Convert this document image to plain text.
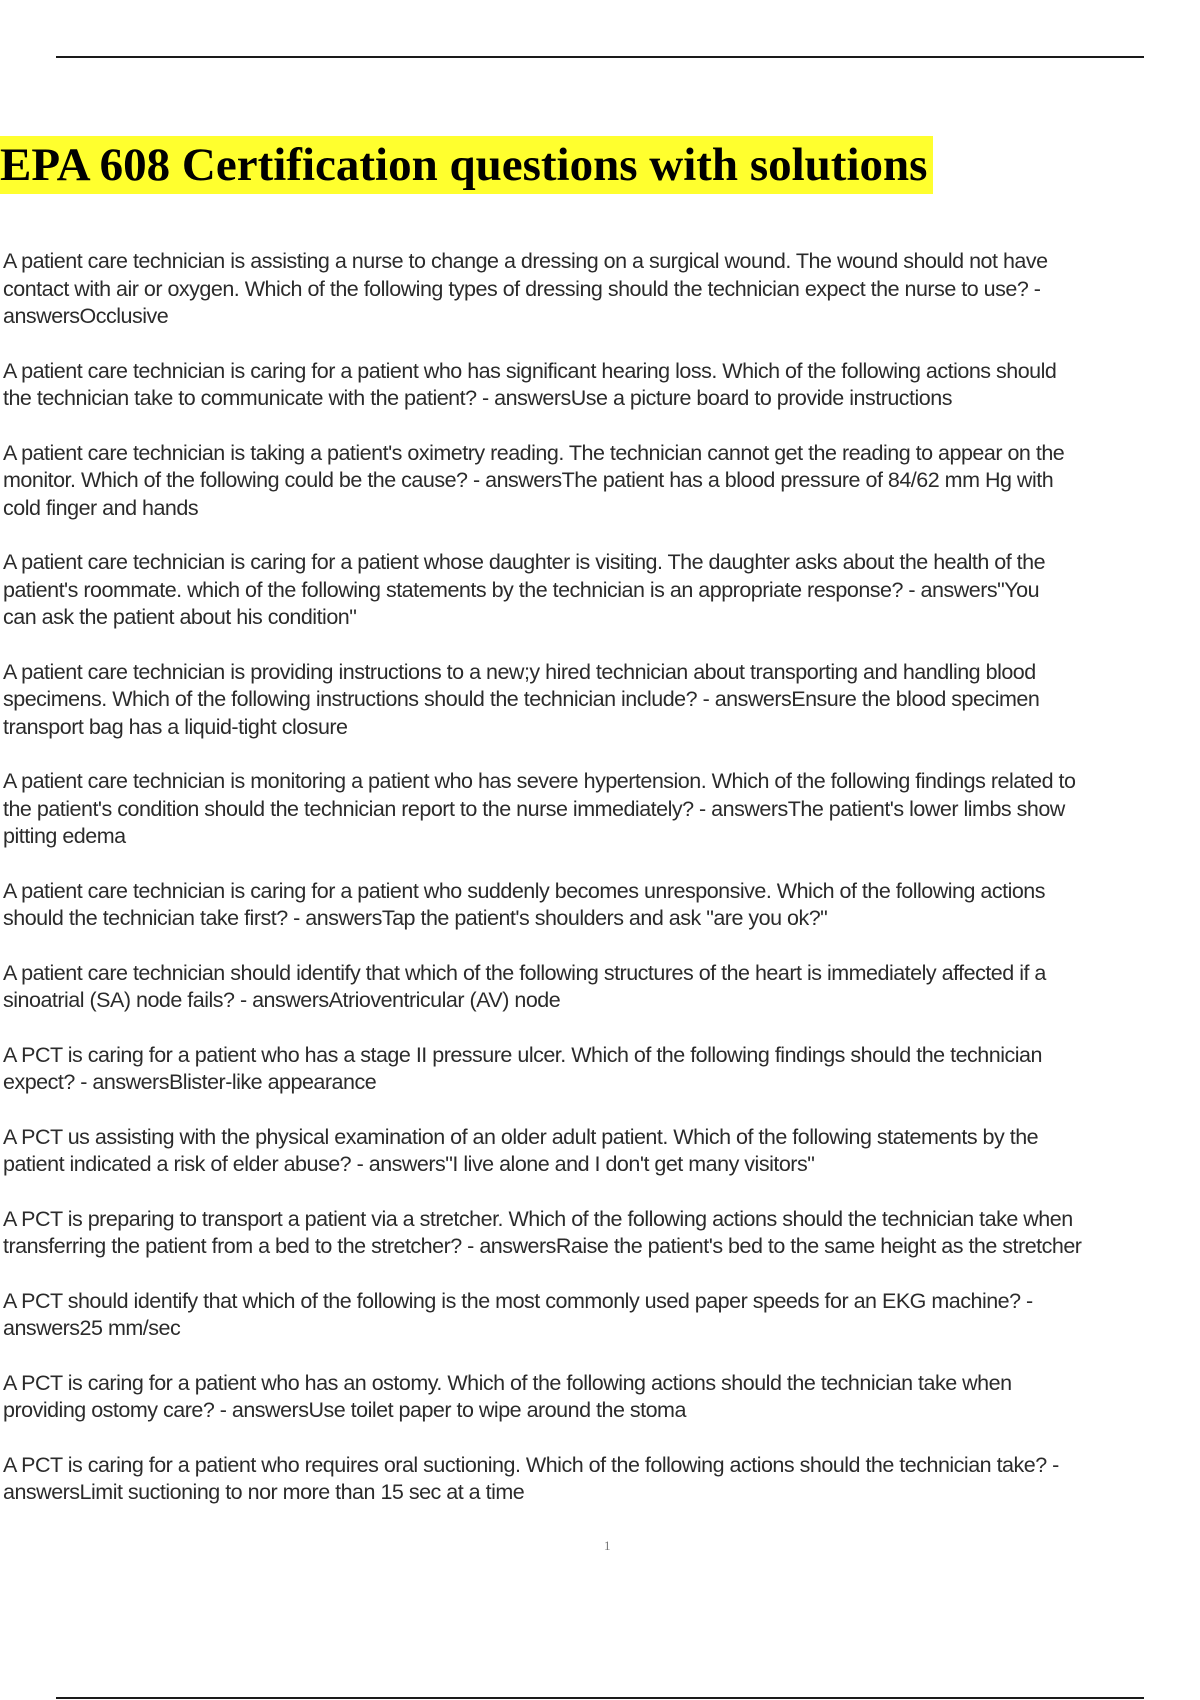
EPA 608 Certification questions with solutions
A patient care technician is assisting a nurse to change a dressing on a surgical wound. The wound should not have
contact with air or oxygen. Which of the following types of dressing should the technician expect the nurse to use? -
answersOcclusive
A patient care technician is caring for a patient who has significant hearing loss. Which of the following actions should
the technician take to communicate with the patient? - answersUse a picture board to provide instructions
A patient care technician is taking a patient's oximetry reading. The technician cannot get the reading to appear on the
monitor. Which of the following could be the cause? - answersThe patient has a blood pressure of 84/62 mm Hg with
cold finger and hands
A patient care technician is caring for a patient whose daughter is visiting. The daughter asks about the health of the
patient's roommate. which of the following statements by the technician is an appropriate response? - answers"You
can ask the patient about his condition"
A patient care technician is providing instructions to a new;y hired technician about transporting and handling blood
specimens. Which of the following instructions should the technician include? - answersEnsure the blood specimen
transport bag has a liquid-tight closure
A patient care technician is monitoring a patient who has severe hypertension. Which of the following findings related to
the patient's condition should the technician report to the nurse immediately? - answersThe patient's lower limbs show
pitting edema
A patient care technician is caring for a patient who suddenly becomes unresponsive. Which of the following actions
should the technician take first? - answersTap the patient's shoulders and ask "are you ok?"
A patient care technician should identify that which of the following structures of the heart is immediately affected if a
sinoatrial (SA) node fails? - answersAtrioventricular (AV) node
A PCT is caring for a patient who has a stage II pressure ulcer. Which of the following findings should the technician
expect? - answersBlister-like appearance
A PCT us assisting with the physical examination of an older adult patient. Which of the following statements by the
patient indicated a risk of elder abuse? - answers"I live alone and I don't get many visitors"
A PCT is preparing to transport a patient via a stretcher. Which of the following actions should the technician take when
transferring the patient from a bed to the stretcher? - answersRaise the patient's bed to the same height as the stretcher
A PCT should identify that which of the following is the most commonly used paper speeds for an EKG machine? -
answers25 mm/sec
A PCT is caring for a patient who has an ostomy. Which of the following actions should the technician take when
providing ostomy care? - answersUse toilet paper to wipe around the stoma
A PCT is caring for a patient who requires oral suctioning. Which of the following actions should the technician take? -
answersLimit suctioning to nor more than 15 sec at a time
1
